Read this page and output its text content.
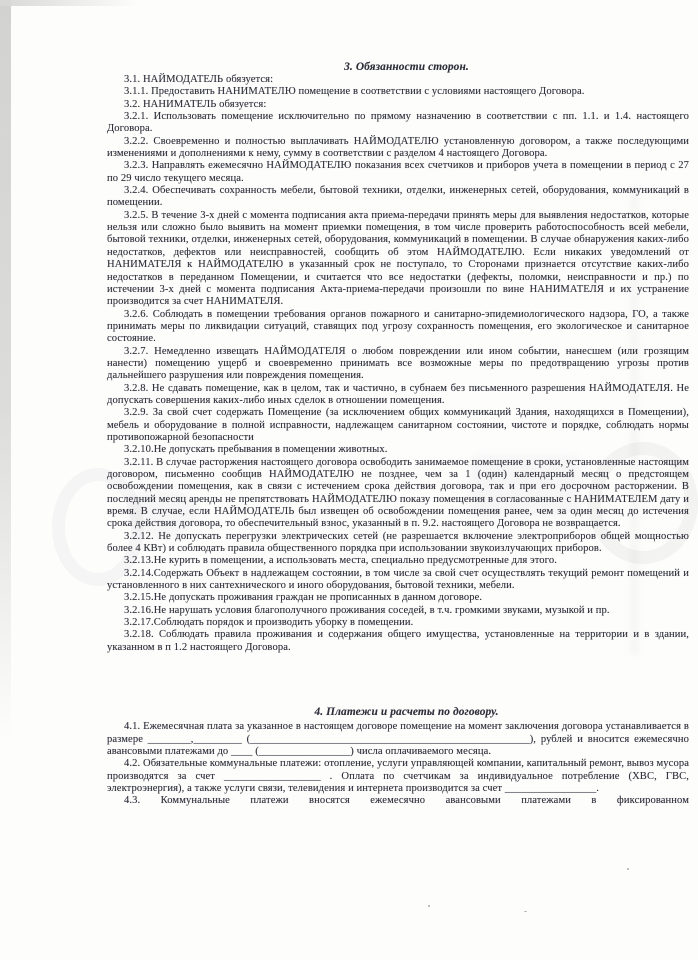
3. Обязанности сторон.

3.1. НАЙМОДАТЕЛЬ обязуется:

3.1.1. Предоставить НАНИМАТЕЛЮ помещение в соответствии с условиями настоящего Договора.

3.2. НАНИМАТЕЛЬ обязуется:

3.2.1. Использовать помещение исключительно по прямому назначению в соответствии с пп. 1.1. и 1.4. настоящего Договора.

3.2.2. Своевременно и полностью выплачивать НАЙМОДАТЕЛЮ установленную договором, а также последующими изменениями и дополнениями к нему, сумму в соответствии с разделом 4 настоящего Договора.

3.2.3. Направлять ежемесячно НАЙМОДАТЕЛЮ показания всех счетчиков и приборов учета в помещении в период с 27 по 29 число текущего месяца.

3.2.4. Обеспечивать сохранность мебели, бытовой техники, отделки, инженерных сетей, оборудования, коммуникаций в помещении.

3.2.5. В течение 3-х дней с момента подписания акта приема-передачи принять меры для выявления недостатков, которые нельзя или сложно было выявить на момент приемки помещения, в том числе проверить работоспособность всей мебели, бытовой техники, отделки, инженерных сетей, оборудования, коммуникаций в помещении. В случае обнаружения каких-либо недостатков, дефектов или неисправностей, сообщить об этом НАЙМОДАТЕЛЮ. Если никаких уведомлений от НАНИМАТЕЛЯ к НАЙМОДАТЕЛЮ в указанный срок не поступало, то Сторонами признается отсутствие каких-либо недостатков в переданном Помещении, и считается что все недостатки (дефекты, поломки, неисправности и пр.) по истечении 3-х дней с момента подписания Акта-приема-передачи произошли по вине НАНИМАТЕЛЯ и их устранение производится за счет НАНИМАТЕЛЯ.

3.2.6. Соблюдать в помещении требования органов пожарного и санитарно-эпидемиологического надзора, ГО, а также принимать меры по ликвидации ситуаций, ставящих под угрозу сохранность помещения, его экологическое и санитарное состояние.

3.2.7. Немедленно извещать НАЙМОДАТЕЛЯ о любом повреждении или ином событии, нанесшем (или грозящим нанести) помещению ущерб и своевременно принимать все возможные меры по предотвращению угрозы против дальнейшего разрушения или повреждения помещения.

3.2.8. Не сдавать помещение, как в целом, так и частично, в субнаем без письменного разрешения НАЙМОДАТЕЛЯ. Не допускать совершения каких-либо иных сделок в отношении помещения.

3.2.9. За свой счет содержать Помещение (за исключением общих коммуникаций Здания, находящихся в Помещении), мебель и оборудование в полной исправности, надлежащем санитарном состоянии, чистоте и порядке, соблюдать нормы противопожарной безопасности

3.2.10.Не допускать пребывания в помещении животных.

3.2.11. В случае расторжения настоящего договора освободить занимаемое помещение в сроки, установленные настоящим договором, письменно сообщив НАЙМОДАТЕЛЮ не позднее, чем за 1 (один) календарный месяц о предстоящем освобождении помещения, как в связи с истечением срока действия договора, так и при его досрочном расторжении. В последний месяц аренды не препятствовать НАЙМОДАТЕЛЮ показу помещения в согласованные с НАНИМАТЕЛЕМ дату и время. В случае, если НАЙМОДАТЕЛЬ был извещен об освобождении помещения ранее, чем за один месяц до истечения срока действия договора, то обеспечительный взнос, указанный в п. 9.2. настоящего Договора не возвращается.

3.2.12. Не допускать перегрузки электрических сетей (не разрешается включение электроприборов общей мощностью более 4 КВт) и соблюдать правила общественного порядка при использовании звукоизлучающих приборов.

3.2.13.Не курить в помещении, а использовать места, специально предусмотренные для этого.

3.2.14.Содержать Объект в надлежащем состоянии, в том числе за свой счет осуществлять текущий ремонт помещений и установленного в них сантехнического и иного оборудования, бытовой техники, мебели.

3.2.15.Не допускать проживания граждан не прописанных в данном договоре.

3.2.16.Не нарушать условия благополучного проживания соседей, в т.ч. громкими звуками, музыкой и пр.

3.2.17.Соблюдать порядок и производить уборку в помещении.

3.2.18. Соблюдать правила проживания и содержания общего имущества, установленные на территории и в здании, указанном в п 1.2 настоящего Договора.

4. Платежи и расчеты по договору.

4.1. Ежемесячная плата за указанное в настоящем договоре помещение на момент заключения договора устанавливается в размере ________,_________ (____________________________________________________), рублей и вносится ежемесячно авансовыми платежами до ____ (_________________) числа оплачиваемого месяца.

4.2. Обязательные коммунальные платежи: отопление, услуги управляющей компании, капитальный ремонт, вывоз мусора производятся за счет __________________ . Оплата по счетчикам за индивидуальное потребление (ХВС, ГВС, электроэнергия), а также услуги связи, телевидения и интернета производится за счет _________________.

4.3. Коммунальные платежи вносятся ежемесячно авансовыми платежами в фиксированном
